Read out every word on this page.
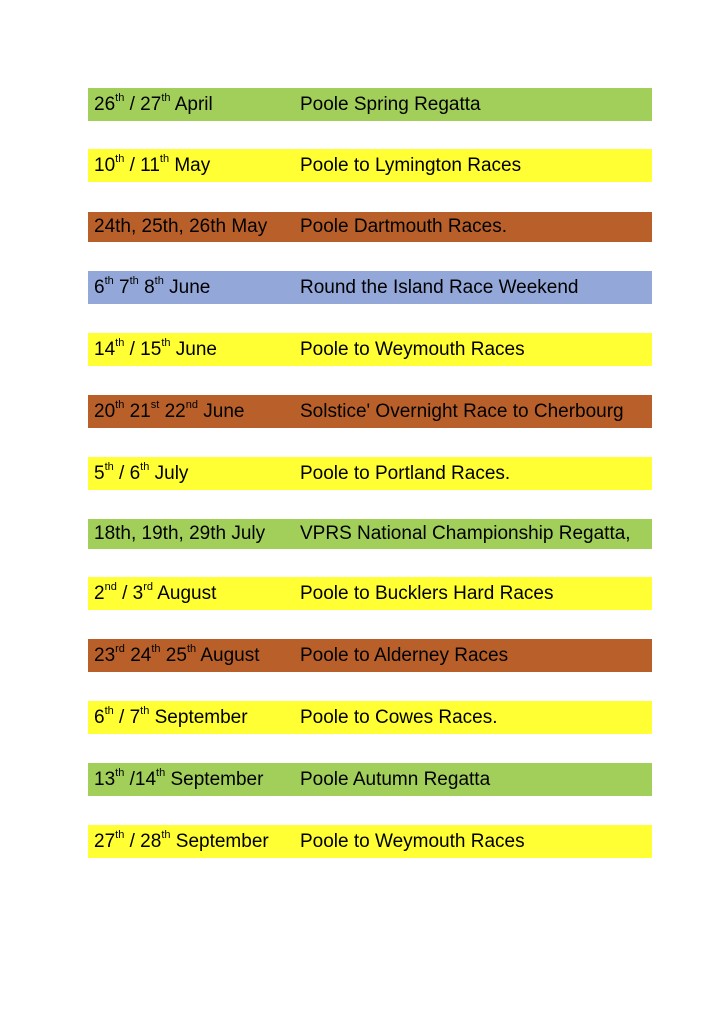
26th / 27th April	Poole Spring Regatta
10th / 11th May	Poole to Lymington Races
24th, 25th, 26th May	Poole Dartmouth Races.
6th 7th 8th June	Round the Island Race Weekend
14th / 15th June	Poole to Weymouth Races
20th 21st 22nd June	Solstice' Overnight Race to Cherbourg
5th / 6th July	Poole to Portland Races.
18th, 19th, 29th July	VPRS National Championship Regatta,
2nd / 3rd August	Poole to Bucklers Hard Races
23rd 24th 25th August	Poole to Alderney Races
6th / 7th September	Poole to Cowes Races.
13th /14th September	Poole Autumn Regatta
27th / 28th September	Poole to Weymouth Races
